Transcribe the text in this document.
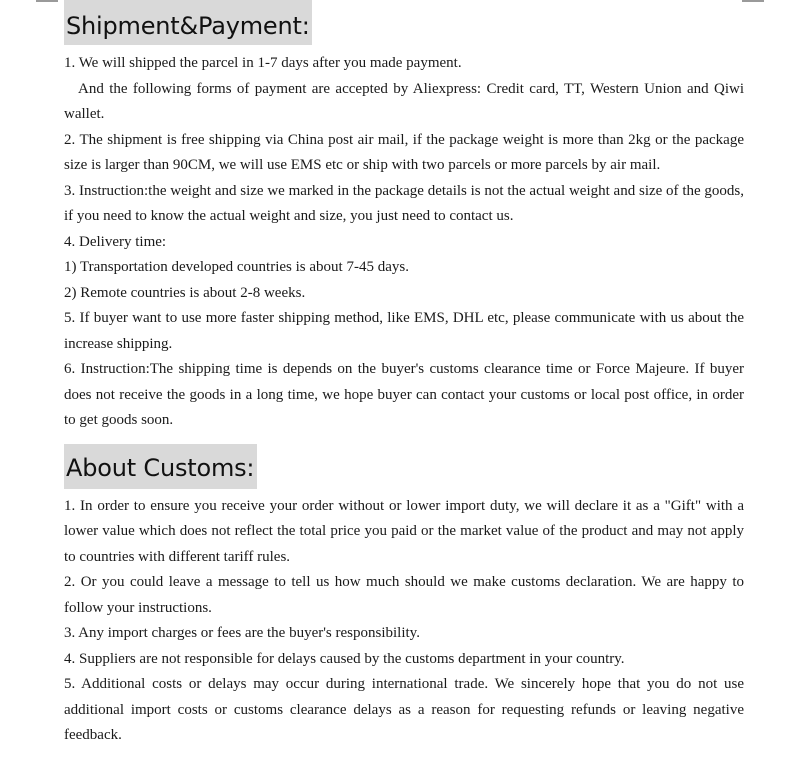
Shipment&Payment:

1. We will shipped the parcel in 1-7 days after you made payment.

And the following forms of payment are accepted by Aliexpress: Credit card, TT, Western Union and Qiwi wallet.

2. The shipment is free shipping via China post air mail, if the package weight is more than 2kg or the package size is larger than 90CM, we will use EMS etc or ship with two parcels or more parcels by air mail.

3. Instruction:the weight and size we marked in the package details is not the actual weight and size of the goods, if you need to know the actual weight and size, you just need to contact us.

4. Delivery time:

1) Transportation developed countries is about 7-45 days.

2) Remote countries is about 2-8 weeks.

5. If buyer want to use more faster shipping method, like EMS, DHL etc, please communicate with us about the increase shipping.

6. Instruction:The shipping time is depends on the buyer's customs clearance time or Force Majeure. If buyer does not receive the goods in a long time, we hope buyer can contact your customs or local post office, in order to get goods soon.

About Customs:

1. In order to ensure you receive your order without or lower import duty, we will declare it as a "Gift" with a lower value which does not reflect the total price you paid or the market value of the product and may not apply to countries with different tariff rules.

2. Or you could leave a message to tell us how much should we make customs declaration. We are happy to follow your instructions.

3. Any import charges or fees are the buyer's responsibility.

4. Suppliers are not responsible for delays caused by the customs department in your country.

5. Additional costs or delays may occur during international trade. We sincerely hope that you do not use additional import costs or customs clearance delays as a reason for requesting refunds or leaving negative feedback.
